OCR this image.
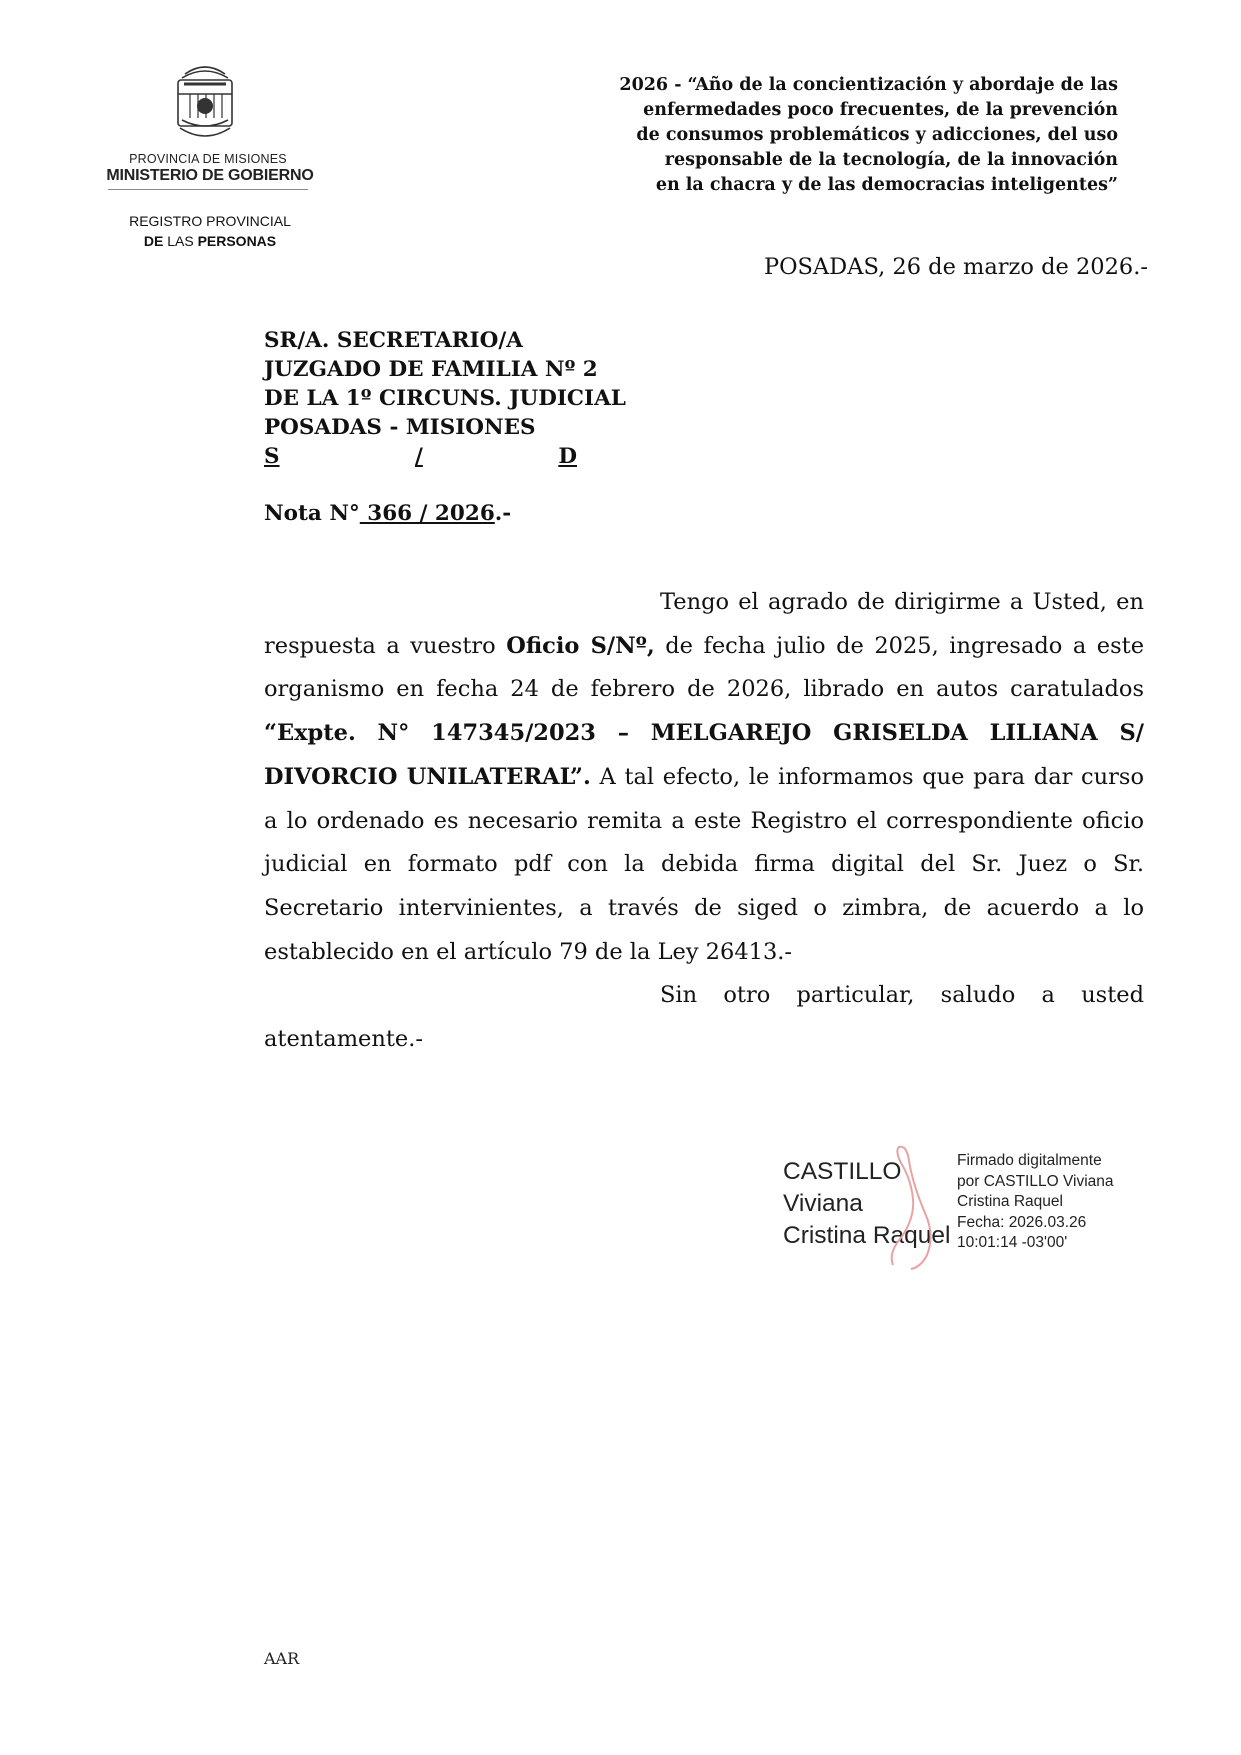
PROVINCIA DE MISIONES
MINISTERIO DE GOBIERNO
REGISTRO PROVINCIAL
DE LAS PERSONAS
2026 - “Año de la concientización y abordaje de las
enfermedades poco frecuentes, de la prevención
de consumos problemáticos y adicciones, del uso
responsable de la tecnología, de la innovación
en la chacra y de las democracias inteligentes”
POSADAS, 26 de marzo de 2026.-
SR/A. SECRETARIO/A
JUZGADO DE FAMILIA Nº 2
DE LA 1º CIRCUNS. JUDICIAL
POSADAS - MISIONES
S	/	D
Nota N° 366 / 2026.-

Tengo el agrado de dirigirme a Usted, en respuesta a vuestro Oficio S/Nº, de fecha julio de 2025, ingresado a este organismo en fecha 24 de febrero de 2026, librado en autos caratulados “Expte. N° 147345/2023 – MELGAREJO GRISELDA LILIANA S/ DIVORCIO UNILATERAL”. A tal efecto, le informamos que para dar curso a lo ordenado es necesario remita a este Registro el correspondiente oficio judicial en formato pdf con la debida firma digital del Sr. Juez o Sr. Secretario intervinientes, a través de siged o zimbra, de acuerdo a lo establecido en el artículo 79 de la Ley 26413.-

Sin otro particular, saludo a usted atentamente.-

CASTILLO
Viviana
Cristina Raquel
Firmado digitalmente
por CASTILLO Viviana
Cristina Raquel
Fecha: 2026.03.26
10:01:14 -03'00'
AAR
